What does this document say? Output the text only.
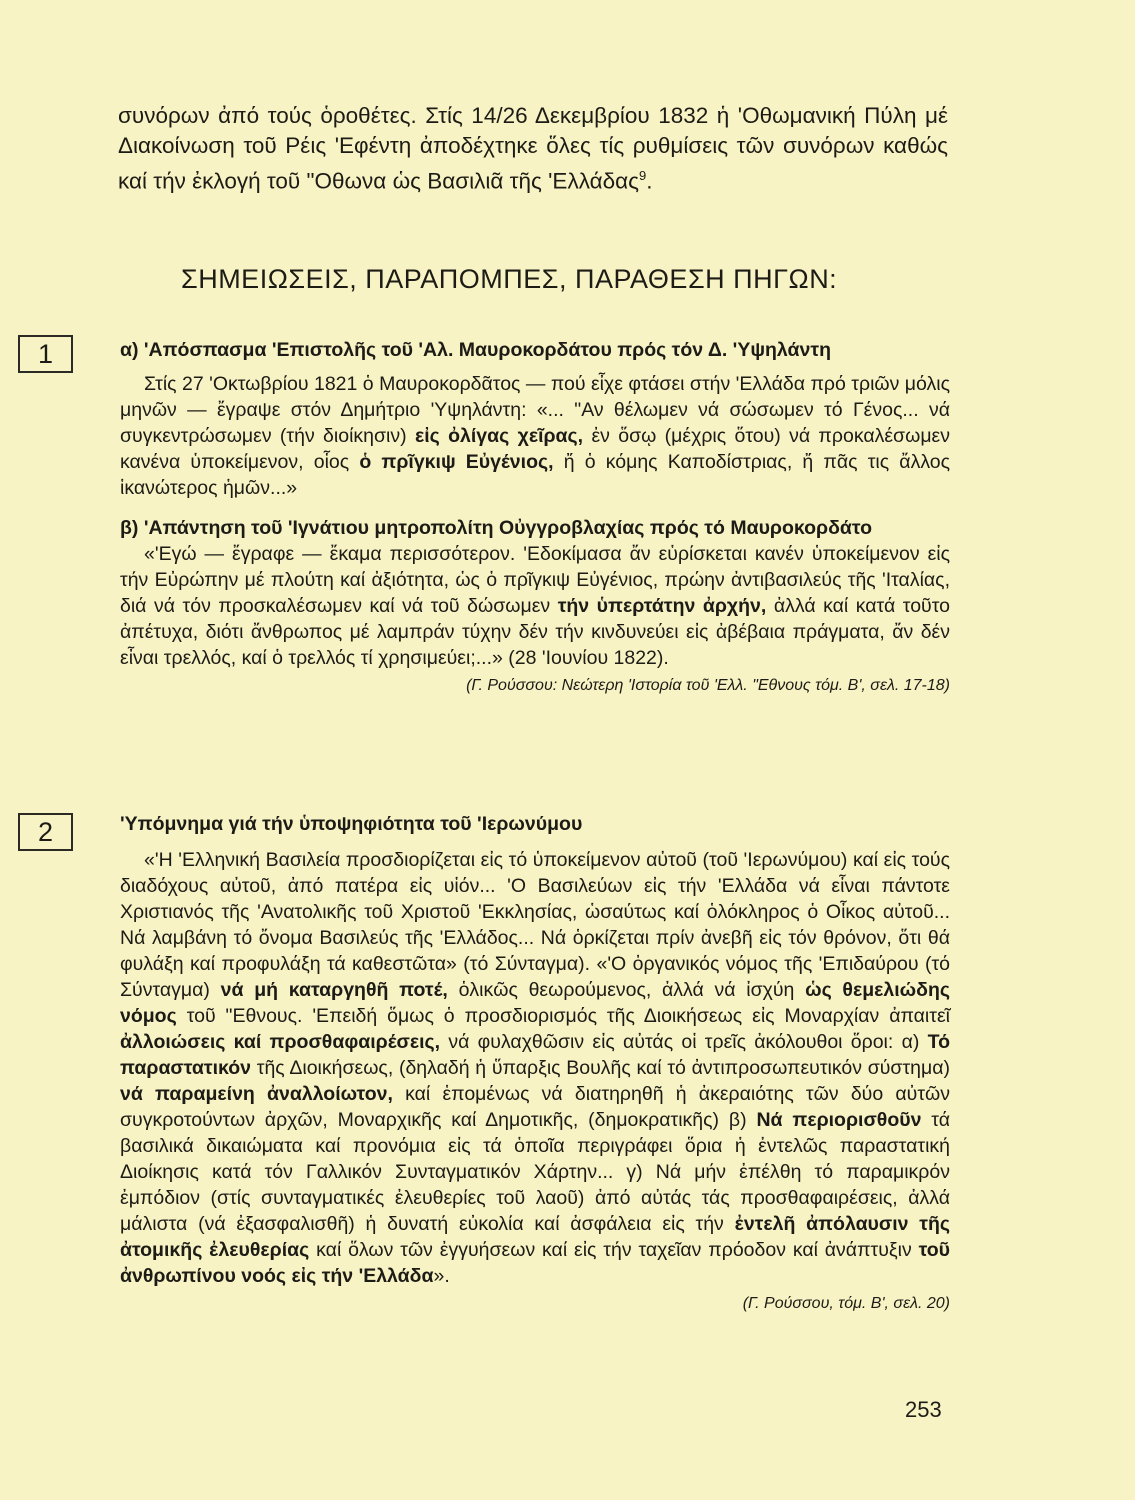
συνόρων ἀπό τούς ὁροθέτες. Στίς 14/26 Δεκεμβρίου 1832 ἡ 'Οθωμανική Πύλη μέ Διακοίνωση τοῦ Ρέις 'Εφέντη ἀποδέχτηκε ὅλες τίς ρυθμίσεις τῶν συνόρων καθώς καί τήν ἐκλογή τοῦ "Οθωνα ὡς Βασιλιᾶ τῆς 'Ελλάδας$^9$.

ΣΗΜΕΙΩΣΕΙΣ, ΠΑΡΑΠΟΜΠΕΣ, ΠΑΡΑΘΕΣΗ ΠΗΓΩΝ:
1	α) 'Απόσπασμα 'Επιστολῆς τοῦ 'Αλ. Μαυροκορδάτου πρός τόν Δ. 'Υψηλάντη

Στίς 27 'Οκτωβρίου 1821 ὁ Μαυροκορδᾶτος — πού εἶχε φτάσει στήν 'Ελλάδα πρό τριῶν μόλις μηνῶν — ἔγραψε στόν Δημήτριο 'Υψηλάντη: «... "Αν θέλωμεν νά σώσωμεν τό Γένος... νά συγκεντρώσωμεν (τήν διοίκησιν) εἰς ὀλίγας χεῖρας, ἐν ὅσῳ (μέχρις ὅτου) νά προκαλέσωμεν κανένα ὑποκείμενον, οἷος ὁ πρῖγκιψ Εὐγένιος, ἤ ὁ κόμης Καποδίστριας, ἤ πᾶς τις ἄλλος ἱκανώτερος ἡμῶν...»

β) 'Απάντηση τοῦ 'Ιγνάτιου μητροπολίτη Οὐγγροβλαχίας πρός τό Μαυροκορδάτο

«'Εγώ — ἔγραφε — ἔκαμα περισσότερον. 'Εδοκίμασα ἄν εὑρίσκεται κανέν ὑποκείμενον εἰς τήν Εὐρώπην μέ πλούτη καί ἀξιότητα, ὡς ὁ πρῖγκιψ Εὐγένιος, πρώην ἀντιβασιλεύς τῆς 'Ιταλίας, διά νά τόν προσκαλέσωμεν καί νά τοῦ δώσωμεν τήν ὑπερτάτην ἀρχήν, ἀλλά καί κατά τοῦτο ἀπέτυχα, διότι ἄνθρωπος μέ λαμπράν τύχην δέν τήν κινδυνεύει εἰς ἀβέβαια πράγματα, ἄν δέν εἶναι τρελλός, καί ὁ τρελλός τί χρησιμεύει;...» (28 'Ιουνίου 1822).

(Γ. Ρούσσου: Νεώτερη 'Ιστορία τοῦ 'Ελλ. "Εθνους τόμ. Β', σελ. 17-18)

2	'Υπόμνημα γιά τήν ὑποψηφιότητα τοῦ 'Ιερωνύμου

«'Η 'Ελληνική Βασιλεία προσδιορίζεται εἰς τό ὑποκείμενον αὐτοῦ (τοῦ 'Ιερωνύμου) καί εἰς τούς διαδόχους αὐτοῦ, ἀπό πατέρα εἰς υἱόν... 'Ο Βασιλεύων εἰς τήν 'Ελλάδα νά εἶναι πάντοτε Χριστιανός τῆς 'Ανατολικῆς τοῦ Χριστοῦ 'Εκκλησίας, ὡσαύτως καί ὁλόκληρος ὁ Οἶκος αὐτοῦ... Νά λαμβάνη τό ὄνομα Βασιλεύς τῆς 'Ελλάδος... Νά ὁρκίζεται πρίν ἀνεβῆ εἰς τόν θρόνον, ὅτι θά φυλάξη καί προφυλάξη τά καθεστῶτα» (τό Σύνταγμα). «'Ο ὀργανικός νόμος τῆς 'Επιδαύρου (τό Σύνταγμα) νά μή καταργηθῆ ποτέ, ὁλικῶς θεωρούμενος, ἀλλά νά ἰσχύη ὡς θεμελιώδης νόμος τοῦ "Εθνους. 'Επειδή ὅμως ὁ προσδιορισμός τῆς Διοικήσεως εἰς Μοναρχίαν ἀπαιτεῖ ἀλλοιώσεις καί προσθαφαιρέσεις, νά φυλαχθῶσιν εἰς αὐτάς οἱ τρεῖς ἀκόλουθοι ὅροι: α) Τό παραστατικόν τῆς Διοικήσεως, (δηλαδή ἡ ὕπαρξις Βουλῆς καί τό ἀντιπροσωπευτικόν σύστημα) νά παραμείνη ἀναλλοίωτον, καί ἑπομένως νά διατηρηθῆ ἡ ἀκεραιότης τῶν δύο αὐτῶν συγκροτούντων ἀρχῶν, Μοναρχικῆς καί Δημοτικῆς, (δημοκρατικῆς) β) Νά περιορισθοῦν τά βασιλικά δικαιώματα καί προνόμια εἰς τά ὁποῖα περιγράφει ὅρια ἡ ἐντελῶς παραστατική Διοίκησις κατά τόν Γαλλικόν Συνταγματικόν Χάρτην... γ) Νά μήν ἐπέλθη τό παραμικρόν ἐμπόδιον (στίς συνταγματικές ἐλευθερίες τοῦ λαοῦ) ἀπό αὐτάς τάς προσθαφαιρέσεις, ἀλλά μάλιστα (νά ἐξασφαλισθῆ) ἡ δυνατή εὐκολία καί ἀσφάλεια εἰς τήν ἐντελῆ ἀπόλαυσιν τῆς ἀτομικῆς ἐλευθερίας καί ὅλων τῶν ἐγγυήσεων καί εἰς τήν ταχεῖαν πρόοδον καί ἀνάπτυξιν τοῦ ἀνθρωπίνου νοός εἰς τήν 'Ελλάδα».

(Γ. Ρούσσου, τόμ. Β', σελ. 20)

253
